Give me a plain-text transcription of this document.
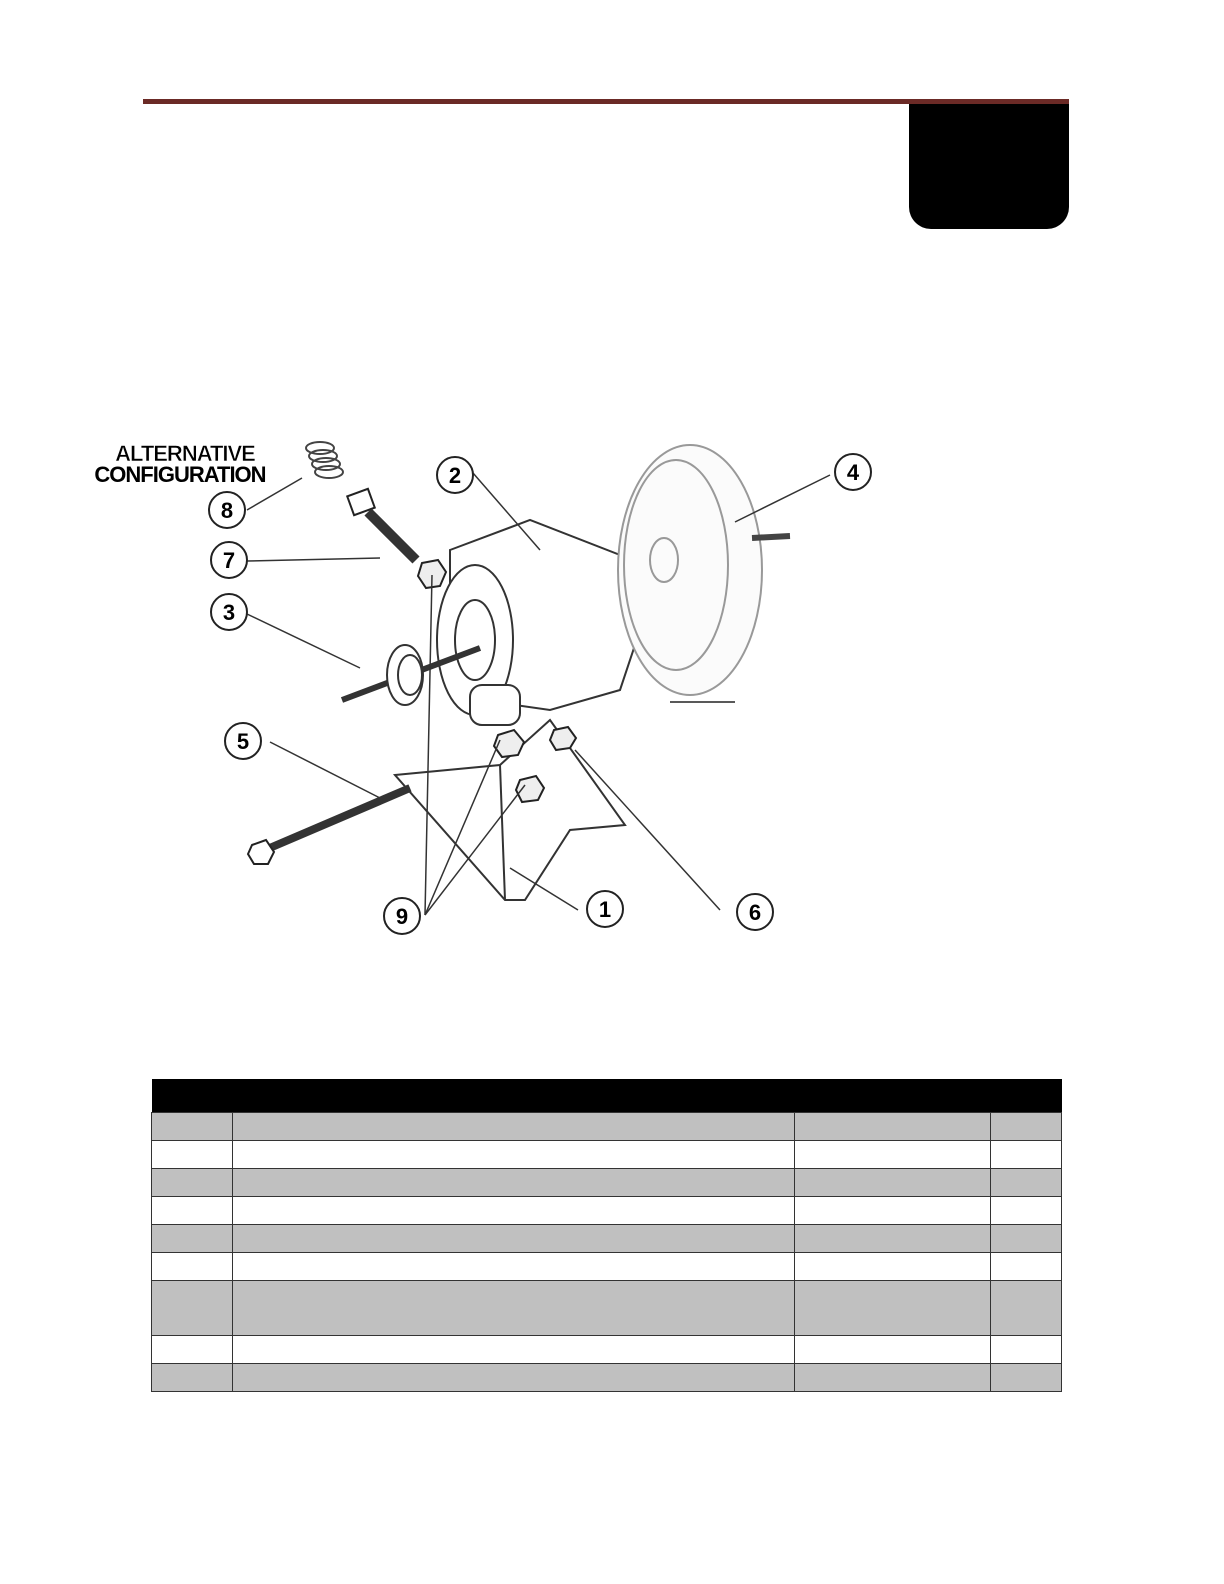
ALTERNATIVE
CONFIGURATION
1
2
3
4
5
6
7
8
9
